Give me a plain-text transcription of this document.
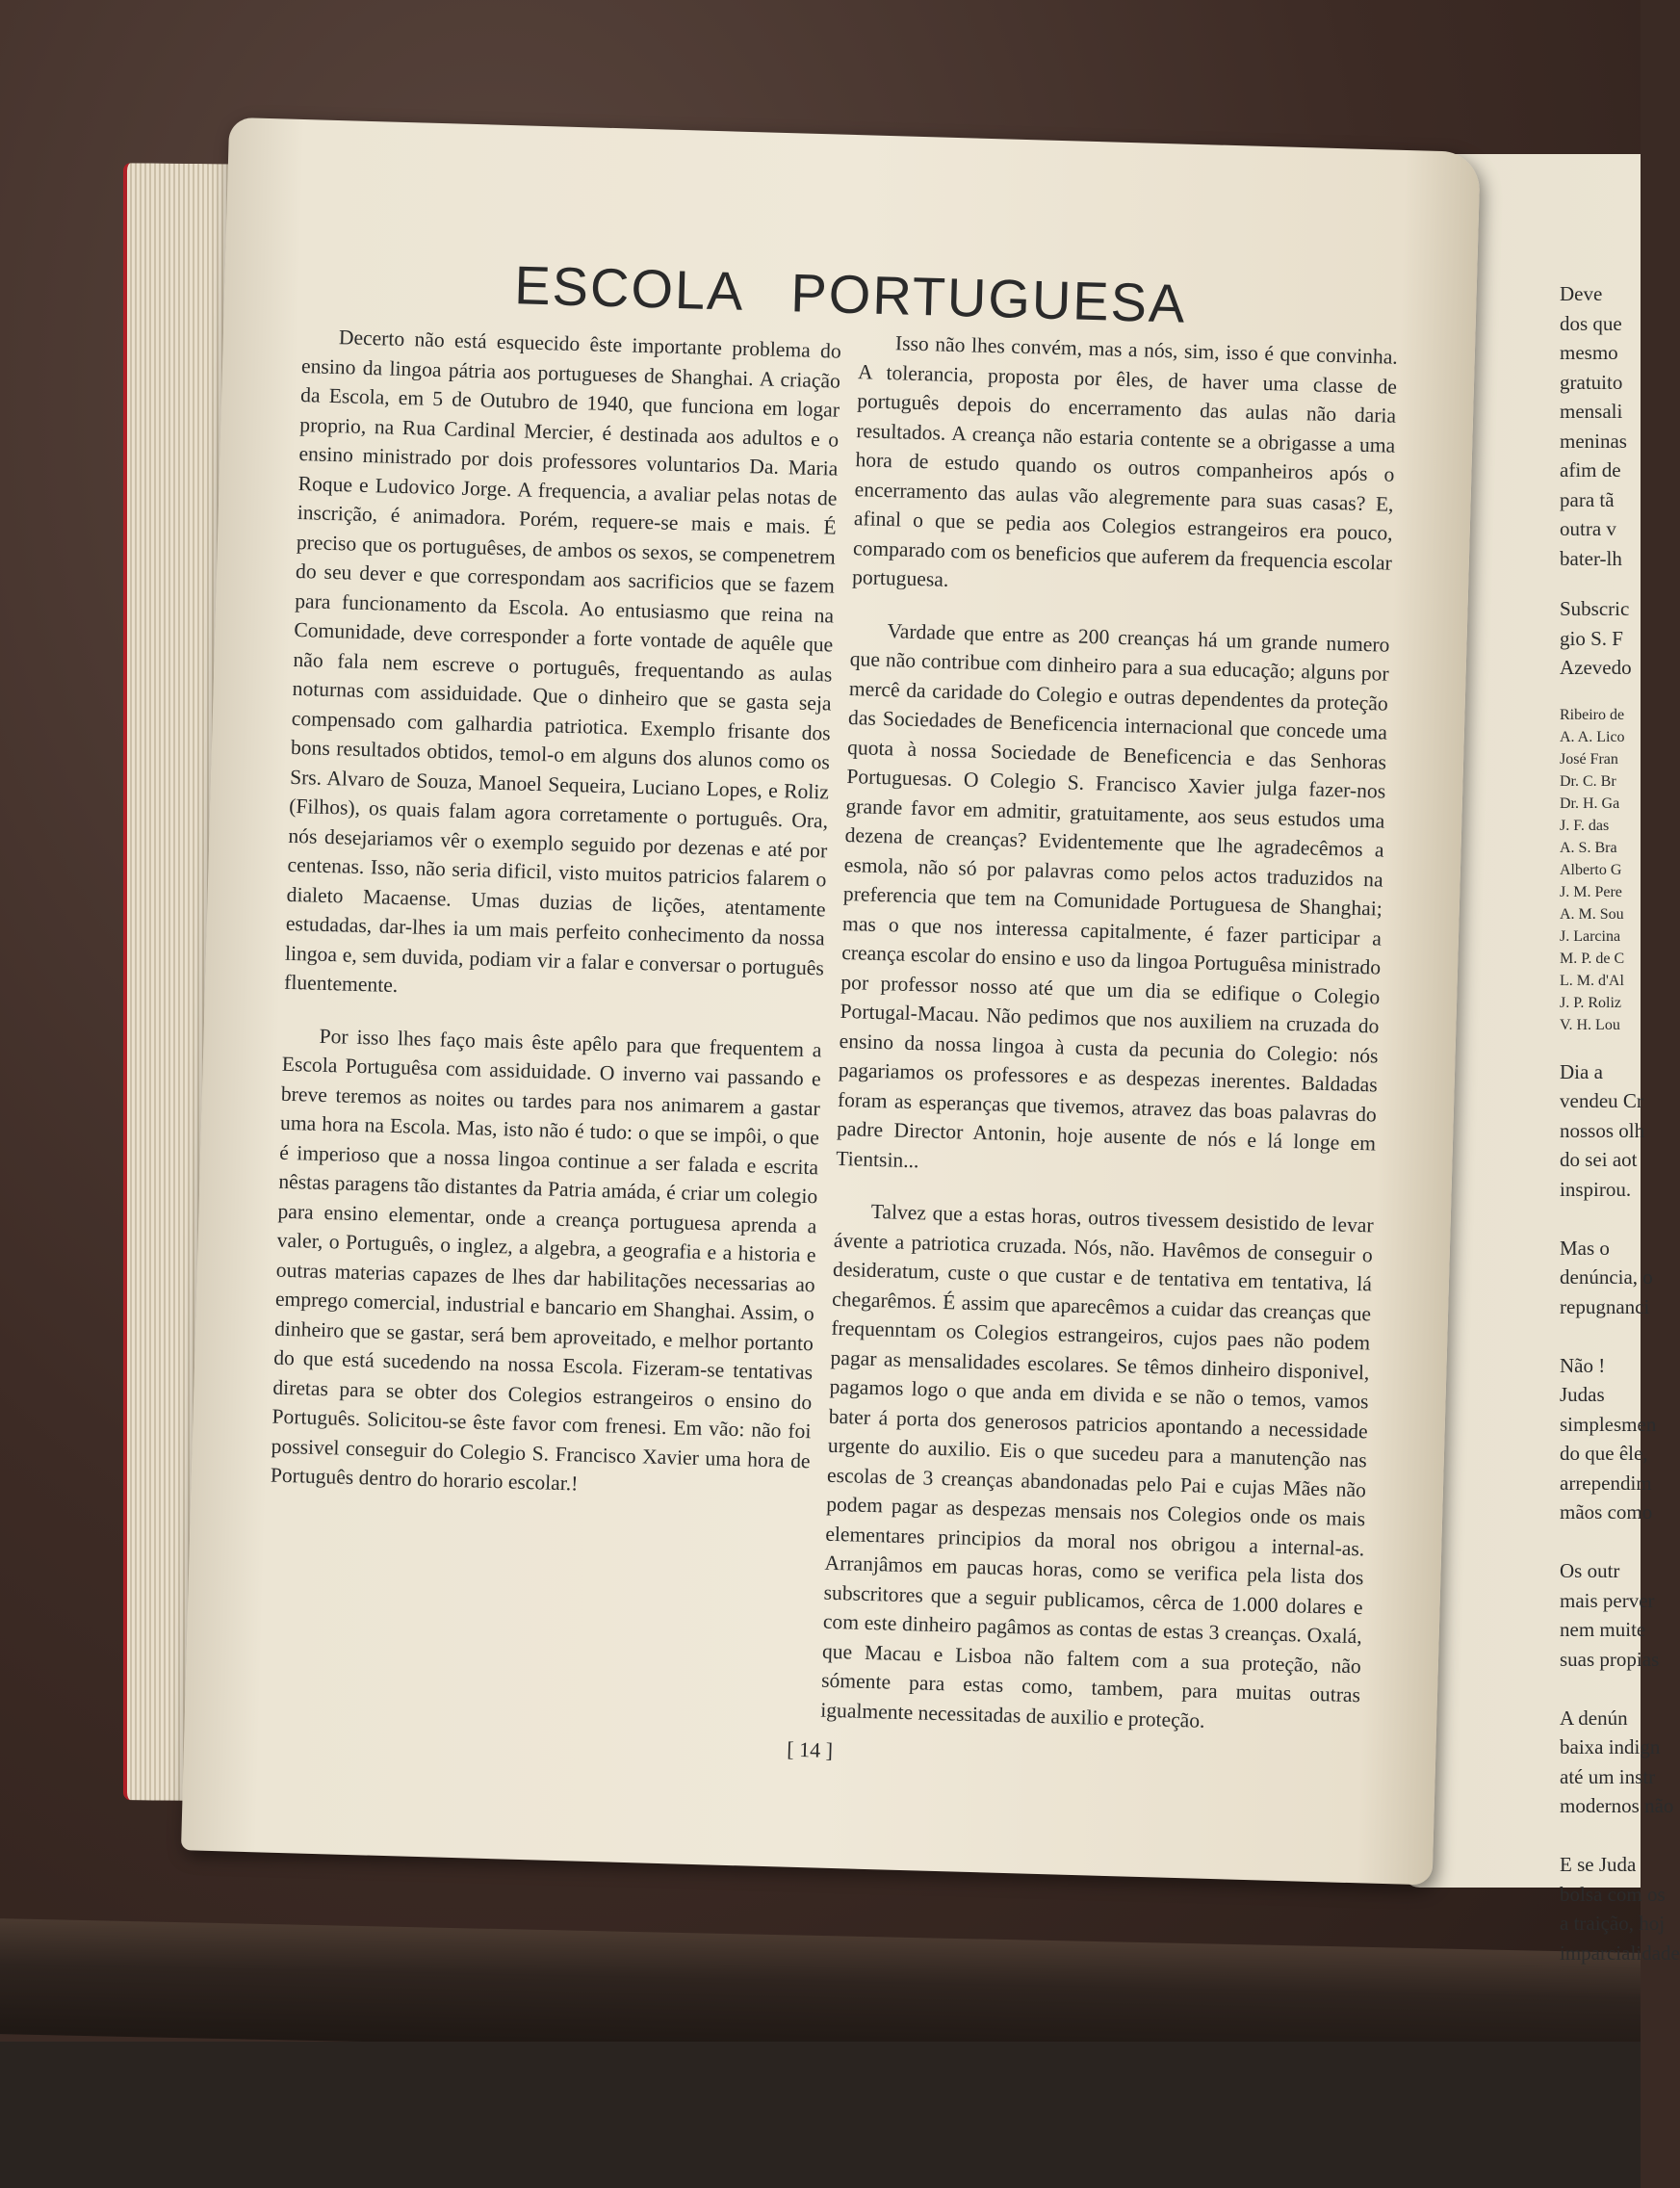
Deve
dos que
mesmo
gratuito
mensali
meninas
afim de
para tã
outra v
bater-lh
Subscric
gio S. F
Azevedo
Ribeiro de
A. A. Lico
José Fran
Dr. C. Br
Dr. H. Ga
J. F. das
A. S. Bra
Alberto G
J. M. Pere
A. M. Sou
J. Larcina
M. P. de C
L. M. d'Al
J. P. Roliz
V. H. Lou
Dia a
vendeu Cr
nossos olh
do sei aot
inspirou.

Mas o
denúncia, o
repugnanci

Não !
Judas
simplesmen
do que êle,
arrependim
mãos como

Os outr
mais perver
nem muite
suas propias

A denún
baixa indign
até um instr
modernos não

E se Juda
bolsa com os
a traição, hoj
imparcialidade
ESCOLA PORTUGUESA

Decerto não está esquecido êste importante problema do ensino da lingoa pátria aos portugueses de Shanghai. A criação da Escola, em 5 de Outubro de 1940, que funciona em logar proprio, na Rua Cardinal Mercier, é destinada aos adultos e o ensino ministrado por dois professores voluntarios Da. Maria Roque e Ludovico Jorge. A frequencia, a avaliar pelas notas de inscrição, é animadora. Porém, requere-se mais e mais. É preciso que os portuguêses, de ambos os sexos, se compenetrem do seu dever e que correspondam aos sacrificios que se fazem para funcionamento da Escola. Ao entusiasmo que reina na Comunidade, deve corresponder a forte vontade de aquêle que não fala nem escreve o português, frequentando as aulas noturnas com assiduidade. Que o dinheiro que se gasta seja compensado com galhardia patriotica. Exemplo frisante dos bons resultados obtidos, temol-o em alguns dos alunos como os Srs. Alvaro de Souza, Manoel Sequeira, Luciano Lopes, e Roliz (Filhos), os quais falam agora corretamente o português. Ora, nós desejariamos vêr o exemplo seguido por dezenas e até por centenas. Isso, não seria dificil, visto muitos patricios falarem o dialeto Macaense. Umas duzias de lições, atentamente estudadas, dar-lhes ia um mais perfeito conhecimento da nossa lingoa e, sem duvida, podiam vir a falar e conversar o português fluentemente.

Por isso lhes faço mais êste apêlo para que frequentem a Escola Portuguêsa com assiduidade. O inverno vai passando e breve teremos as noites ou tardes para nos animarem a gastar uma hora na Escola. Mas, isto não é tudo: o que se impôi, o que é imperioso que a nossa lingoa continue a ser falada e escrita nêstas paragens tão distantes da Patria amáda, é criar um colegio para ensino elementar, onde a creança portuguesa aprenda a valer, o Português, o inglez, a algebra, a geografia e a historia e outras materias capazes de lhes dar habilitações necessarias ao emprego comercial, industrial e bancario em Shanghai. Assim, o dinheiro que se gastar, será bem aproveitado, e melhor portanto do que está sucedendo na nossa Escola. Fizeram-se tentativas diretas para se obter dos Colegios estrangeiros o ensino do Português. Solicitou-se êste favor com frenesi. Em vão: não foi possivel conseguir do Colegio S. Francisco Xavier uma hora de Português dentro do horario escolar.!

Isso não lhes convém, mas a nós, sim, isso é que convinha. A tolerancia, proposta por êles, de haver uma classe de português depois do encerramento das aulas não daria resultados. A creança não estaria contente se a obrigasse a uma hora de estudo quando os outros companheiros após o encerramento das aulas vão alegremente para suas casas? E, afinal o que se pedia aos Colegios estrangeiros era pouco, comparado com os beneficios que auferem da frequencia escolar portuguesa.

Vardade que entre as 200 creanças há um grande numero que não contribue com dinheiro para a sua educação; alguns por mercê da caridade do Colegio e outras dependentes da proteção das Sociedades de Beneficencia internacional que concede uma quota à nossa Sociedade de Beneficencia e das Senhoras Portuguesas. O Colegio S. Francisco Xavier julga fazer-nos grande favor em admitir, gratuitamente, aos seus estudos uma dezena de creanças? Evidentemente que lhe agradecêmos a esmola, não só por palavras como pelos actos traduzidos na preferencia que tem na Comunidade Portuguesa de Shanghai; mas o que nos interessa capitalmente, é fazer participar a creança escolar do ensino e uso da lingoa Portuguêsa ministrado por professor nosso até que um dia se edifique o Colegio Portugal-Macau. Não pedimos que nos auxiliem na cruzada do ensino da nossa lingoa à custa da pecunia do Colegio: nós pagariamos os professores e as despezas inerentes. Baldadas foram as esperanças que tivemos, atravez das boas palavras do padre Director Antonin, hoje ausente de nós e lá longe em Tientsin...

Talvez que a estas horas, outros tivessem desistido de levar ávente a patriotica cruzada. Nós, não. Havêmos de conseguir o desideratum, custe o que custar e de tentativa em tentativa, lá chegarêmos. É assim que aparecêmos a cuidar das creanças que frequenntam os Colegios estrangeiros, cujos paes não podem pagar as mensalidades escolares. Se têmos dinheiro disponivel, pagamos logo o que anda em divida e se não o temos, vamos bater á porta dos generosos patricios apontando a necessidade urgente do auxilio. Eis o que sucedeu para a manutenção nas escolas de 3 creanças abandonadas pelo Pai e cujas Mães não podem pagar as despezas mensais nos Colegios onde os mais elementares principios da moral nos obrigou a internal-as. Arranjâmos em paucas horas, como se verifica pela lista dos subscritores que a seguir publicamos, cêrca de 1.000 dolares e com este dinheiro pagâmos as contas de estas 3 creanças. Oxalá, que Macau e Lisboa não faltem com a sua proteção, não sómente para estas como, tambem, para muitas outras igualmente necessitadas de auxilio e proteção.

[ 14 ]
